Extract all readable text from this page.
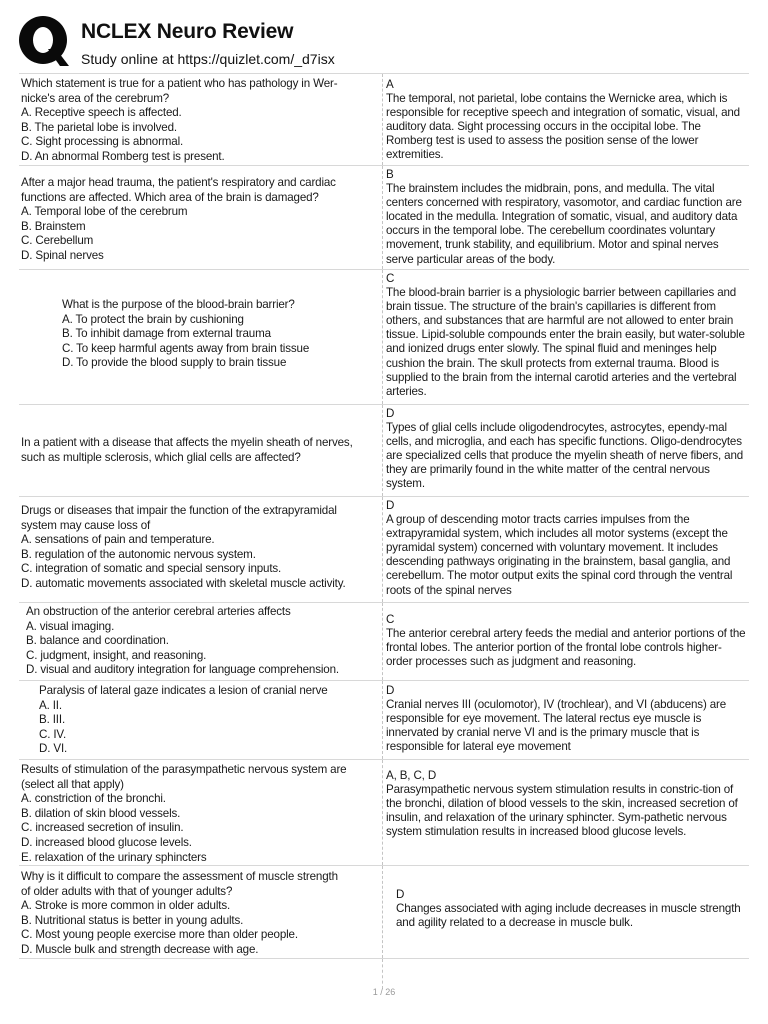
NCLEX Neuro Review
Study online at https://quizlet.com/_d7isx
Which statement is true for a patient who has pathology in Wer-
nicke's area of the cerebrum?
A. Receptive speech is affected.
B. The parietal lobe is involved.
C. Sight processing is abnormal.
D. An abnormal Romberg test is present.
A
The temporal, not parietal, lobe contains the Wernicke area, which is responsible for receptive speech and integration of somatic, visual, and auditory data. Sight processing occurs in the occipital lobe. The Romberg test is used to assess the position sense of the lower extremities.
After a major head trauma, the patient's respiratory and cardiac
functions are affected. Which area of the brain is damaged?
A. Temporal lobe of the cerebrum
B. Brainstem
C. Cerebellum
D. Spinal nerves
B
The brainstem includes the midbrain, pons, and medulla. The vital centers concerned with respiratory, vasomotor, and cardiac function are located in the medulla. Integration of somatic, visual, and auditory data occurs in the temporal lobe. The cerebellum coordinates voluntary movement, trunk stability, and equilibrium. Motor and spinal nerves serve particular areas of the body.
What is the purpose of the blood-brain barrier?
A. To protect the brain by cushioning
B. To inhibit damage from external trauma
C. To keep harmful agents away from brain tissue
D. To provide the blood supply to brain tissue
C
The blood-brain barrier is a physiologic barrier between capillaries and brain tissue. The structure of the brain's capillaries is different from others, and substances that are harmful are not allowed to enter brain tissue. Lipid-soluble compounds enter the brain easily, but water-soluble and ionized drugs enter slowly. The spinal fluid and meninges help cushion the brain. The skull protects from external trauma. Blood is supplied to the brain from the internal carotid arteries and the vertebral arteries.
In a patient with a disease that affects the myelin sheath of nerves,
such as multiple sclerosis, which glial cells are affected?
D
Types of glial cells include oligodendrocytes, astrocytes, ependy-mal cells, and microglia, and each has specific functions. Oligo-dendrocytes are specialized cells that produce the myelin sheath of nerve fibers, and they are primarily found in the white matter of the central nervous system.
Drugs or diseases that impair the function of the extrapyramidal
system may cause loss of
A. sensations of pain and temperature.
B. regulation of the autonomic nervous system.
C. integration of somatic and special sensory inputs.
D. automatic movements associated with skeletal muscle activity.
D
A group of descending motor tracts carries impulses from the extrapyramidal system, which includes all motor systems (except the pyramidal system) concerned with voluntary movement. It includes descending pathways originating in the brainstem, basal ganglia, and cerebellum. The motor output exits the spinal cord through the ventral roots of the spinal nerves
An obstruction of the anterior cerebral arteries affects
A. visual imaging.
B. balance and coordination.
C. judgment, insight, and reasoning.
D. visual and auditory integration for language comprehension.
C
The anterior cerebral artery feeds the medial and anterior portions of the frontal lobes. The anterior portion of the frontal lobe controls higher-order processes such as judgment and reasoning.
Paralysis of lateral gaze indicates a lesion of cranial nerve
A. II.
B. III.
C. IV.
D. VI.
D
Cranial nerves III (oculomotor), IV (trochlear), and VI (abducens) are responsible for eye movement. The lateral rectus eye muscle is innervated by cranial nerve VI and is the primary muscle that is responsible for lateral eye movement
Results of stimulation of the parasympathetic nervous system are
(select all that apply)
A. constriction of the bronchi.
B. dilation of skin blood vessels.
C. increased secretion of insulin.
D. increased blood glucose levels.
E. relaxation of the urinary sphincters
A, B, C, D
Parasympathetic nervous system stimulation results in constric-tion of the bronchi, dilation of blood vessels to the skin, increased secretion of insulin, and relaxation of the urinary sphincter. Sym-pathetic nervous system stimulation results in increased blood glucose levels.
Why is it difficult to compare the assessment of muscle strength
of older adults with that of younger adults?
A. Stroke is more common in older adults.
B. Nutritional status is better in young adults.
C. Most young people exercise more than older people.
D. Muscle bulk and strength decrease with age.
D
Changes associated with aging include decreases in muscle strength and agility related to a decrease in muscle bulk.
1 / 26
